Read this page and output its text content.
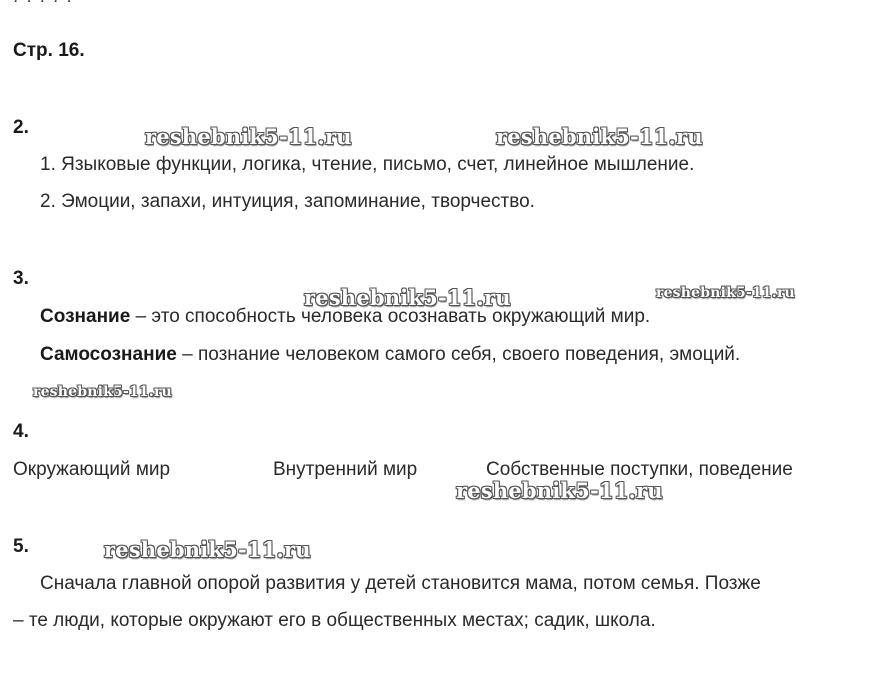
· · · · ·
Стр. 16.
2.
1. Языковые функции, логика, чтение, письмо, счет, линейное мышление.
2. Эмоции, запахи, интуиция, запоминание, творчество.
3.
Сознание – это способность человека осознавать окружающий мир.
Самосознание – познание человеком самого себя, своего поведения, эмоций.
4.
Окружающий мир	Внутренний мир	Собственные поступки, поведение
5.
Сначала главной опорой развития у детей становится мама, потом семья. Позже
– те люди, которые окружают его в общественных местах; садик, школа.
reshebnik5-11.ru	reshebnik5-11.ru
reshebnik5-11.ru	reshebnik5-11.ru
reshebnik5-11.ru
reshebnik5-11.ru
reshebnik5-11.ru
